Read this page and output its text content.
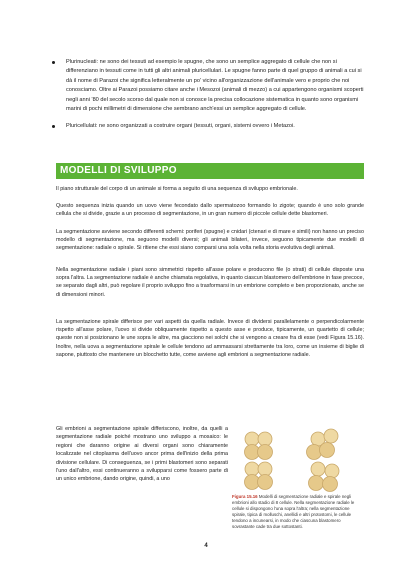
Plurinucleati: ne sono dei tessuti ad esempio le spugne, che sono un semplice aggregato di cellule che non si differenziano in tessuti come in tutti gli altri animali pluricellulari. Le spugne fanno parte di quel gruppo di animali a cui si dà il nome di Parazoi che significa letteralmente un po' vicino all'organizzazione dell'animale vero e proprio che noi conosciamo. Oltre ai Parazoi possiamo citare anche i Mesozoi (animali di mezzo) a cui appartengono organismi scoperti negli anni '80 del secolo scorso dal quale non si conosce la precisa collocazione sistematica in quanto sono organismi marini di pochi millimetri di dimensione che sembrano anch'essi un semplice aggregato di cellule.
Pluricellulati: ne sono organizzati a costruire organi (tessuti, organi, sistemi ovvero i Metazoi.
MODELLI DI SVILUPPO
Il piano strutturale del corpo di un animale si forma a seguito di una sequenza di sviluppo embrionale.
Questo sequenza inizia quando un uovo viene fecondato dallo spermatozoo formando lo zigote; quando è uno solo grande cellula che si divide, grazie a un processo di segmentazione, in un gran numero di piccole cellule dette blastomeri.
La segmentazione avviene secondo differenti schemi: poriferi (spugne) e cnidari (ctenari e di mare e simili) non hanno un preciso modello di segmentazione, ma seguono modelli diversi; gli animali bilateri, invece, seguono tipicamente due modelli di segmentazione: radiale o spirale. Si ritiene che essi siano comparsi una sola volta nella storia evolutiva degli animali.
Nella segmentazione radiale i piani sono simmetrici rispetto all'asse polare e producono file (o strati) di cellule disposte una sopra l'altra. La segmentazione radiale è anche chiamata regolativa, in quanto ciascun blastomero dell'embrione in fase precoce, se separato dagli altri, può regolare il proprio sviluppo fino a trasformarsi in un embrione completo e ben proporzionato, anche se di dimensioni minori.
La segmentazione spirale differisce per vari aspetti da quella radiale. Invece di dividersi parallelamente o perpendicolarmente rispetto all'asse polare, l'uovo si divide obliquamente rispetto a questo asse e produce, tipicamente, un quartetto di cellule; queste non si posizionano le une sopra le altre, ma giacciono nei solchi che si vengono a creare fra di esse (vedi Figura 15.16). Inoltre, nella uova a segmentazione spirale le cellule tendono ad ammassarsi strettamente tra loro, come un insieme di biglie di sapone, piuttosto che mantenere un blocchetto tutte, come avviene agli embrioni a segmentazione radiale.
Gli embrioni a segmentazione spirale differiscono, inoltre, da quelli a segmentazione radiale poiché mostrano uno sviluppo a mosaico: le regioni che daranno origine ai diversi organi sono chiaramente localizzate nel citoplasma dell'uovo ancor prima dell'inizio della prima divisione cellulare. Di conseguenza, se i primi blastomeri sono separati l'uno dall'altro, essi continueranno a svilupparsi come fossero parte di un unico embrione, dando origine, quindi, a uno
Figura 15.16 Modelli di segmentazione radiale e spirale negli embrioni allo stadio di 8 cellule. Nella segmentazione radiale le cellule si dispongono l'una sopra l'altra; nella segmentazione spirale, tipica di molluschi, anellidi e altri protostomi, le cellule tendono a incunearsi, in modo che ciascuna blastomero sovrastante cade tra due sottostanti.
4
